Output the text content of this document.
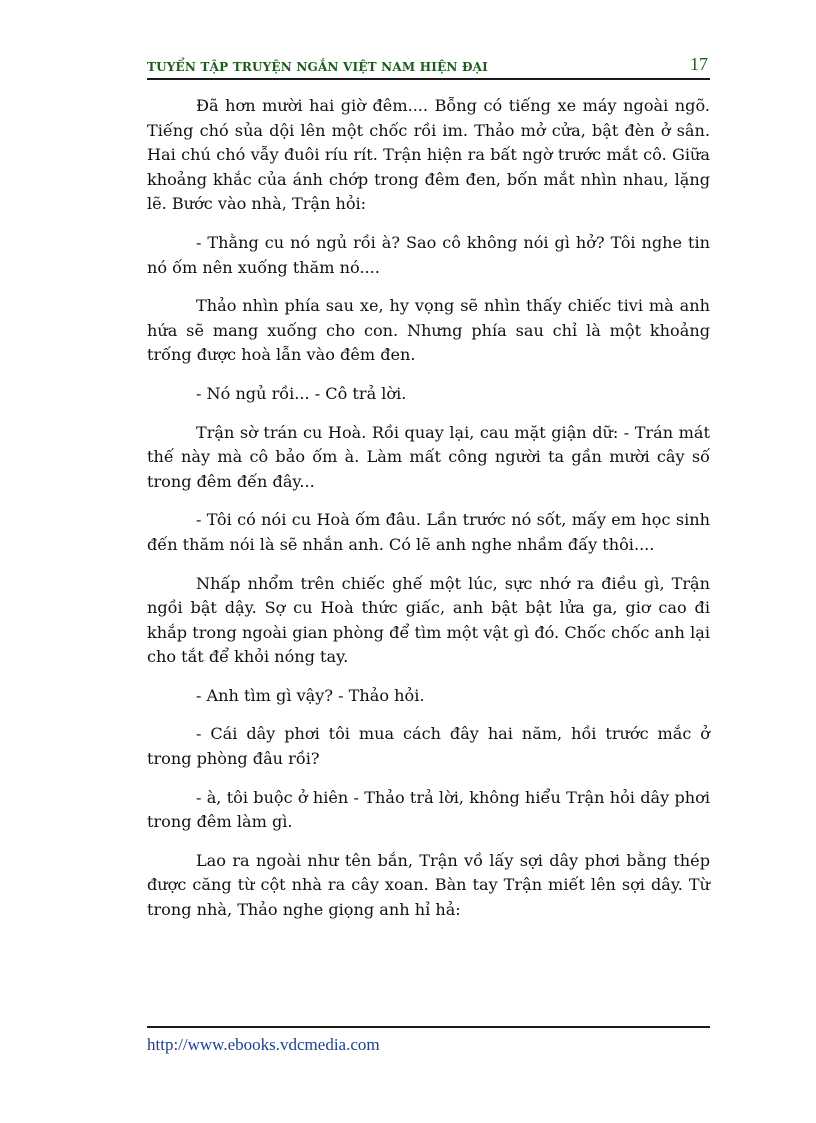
TUYỂN TẬP TRUYỆN NGẮN VIỆT NAM HIỆN ĐẠI	17

Đã hơn mười hai giờ đêm.... Bỗng có tiếng xe máy ngoài ngõ. Tiếng chó sủa dội lên một chốc rồi im. Thảo mở cửa, bật đèn ở sân. Hai chú chó vẫy đuôi ríu rít. Trận hiện ra bất ngờ trước mắt cô. Giữa khoảng khắc của ánh chớp trong đêm đen, bốn mắt nhìn nhau, lặng lẽ. Bước vào nhà, Trận hỏi:

- Thằng cu nó ngủ rồi à? Sao cô không nói gì hở? Tôi nghe tin nó ốm nên xuống thăm nó....

Thảo nhìn phía sau xe, hy vọng sẽ nhìn thấy chiếc tivi mà anh hứa sẽ mang xuống cho con. Nhưng phía sau chỉ là một khoảng trống được hoà lẫn vào đêm đen.

- Nó ngủ rồi... - Cô trả lời.

Trận sờ trán cu Hoà. Rồi quay lại, cau mặt giận dữ: - Trán mát thế này mà cô bảo ốm à. Làm mất công người ta gần mười cây số trong đêm đến đây...

- Tôi có nói cu Hoà ốm đâu. Lần trước nó sốt, mấy em học sinh đến thăm nói là sẽ nhắn anh. Có lẽ anh nghe nhầm đấy thôi....

Nhấp nhổm trên chiếc ghế một lúc, sực nhớ ra điều gì, Trận ngồi bật dậy. Sợ cu Hoà thức giấc, anh bật bật lửa ga, giơ cao đi khắp trong ngoài gian phòng để tìm một vật gì đó. Chốc chốc anh lại cho tắt để khỏi nóng tay.

- Anh tìm gì vậy? - Thảo hỏi.

- Cái dây phơi tôi mua cách đây hai năm, hồi trước mắc ở trong phòng đâu rồi?

- à, tôi buộc ở hiên - Thảo trả lời, không hiểu Trận hỏi dây phơi trong đêm làm gì.

Lao ra ngoài như tên bắn, Trận vồ lấy sợi dây phơi bằng thép được căng từ cột nhà ra cây xoan. Bàn tay Trận miết lên sợi dây. Từ trong nhà, Thảo nghe giọng anh hỉ hả:

http://www.ebooks.vdcmedia.com
